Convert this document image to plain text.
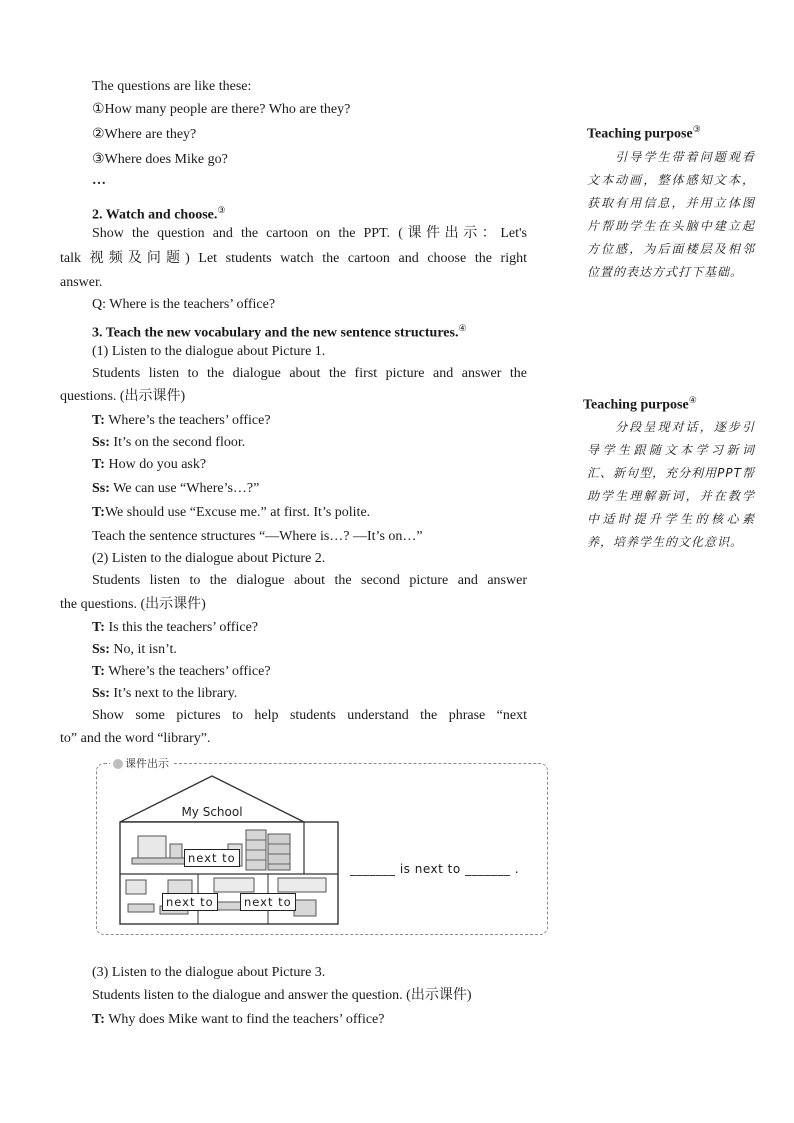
The questions are like these:
①How many people are there? Who are they?
②Where are they?
③Where does Mike go?
…
2. Watch and choose.③
Show the question and the cartoon on the PPT. (课件出示：Let's
talk 视频及问题) Let students watch the cartoon and choose the right
answer.
Q: Where is the teachers’ office?
3. Teach the new vocabulary and the new sentence structures.④
(1) Listen to the dialogue about Picture 1.
Students listen to the dialogue about the first picture and answer the
questions. (出示课件)
T: Where’s the teachers’ office?
Ss: It’s on the second floor.
T: How do you ask?
Ss: We can use “Where’s…?”
T:We should use “Excuse me.” at first. It’s polite.
Teach the sentence structures “—Where is…? —It’s on…”
(2) Listen to the dialogue about Picture 2.
Students listen to the dialogue about the second picture and answer
the questions. (出示课件)
T: Is this the teachers’ office?
Ss: No, it isn’t.
T: Where’s the teachers’ office?
Ss: It’s next to the library.
Show some pictures to help students understand the phrase “next
to” and the word “library”.
课件出示
My School
next to
next to	next to
_______ is next to _______ .
(3) Listen to the dialogue about Picture 3.
Students listen to the dialogue and answer the question. (出示课件)
T: Why does Mike want to find the teachers’ office?
Teaching purpose③
　　引导学生带着问题观看文本动画，整体感知文本，获取有用信息，并用立体图片帮助学生在头脑中建立起方位感，为后面楼层及相邻位置的表达方式打下基础。
Teaching purpose④
　　分段呈现对话，逐步引导学生跟随文本学习新词汇、新句型，充分利用PPT帮助学生理解新词，并在教学中适时提升学生的核心素养，培养学生的文化意识。
